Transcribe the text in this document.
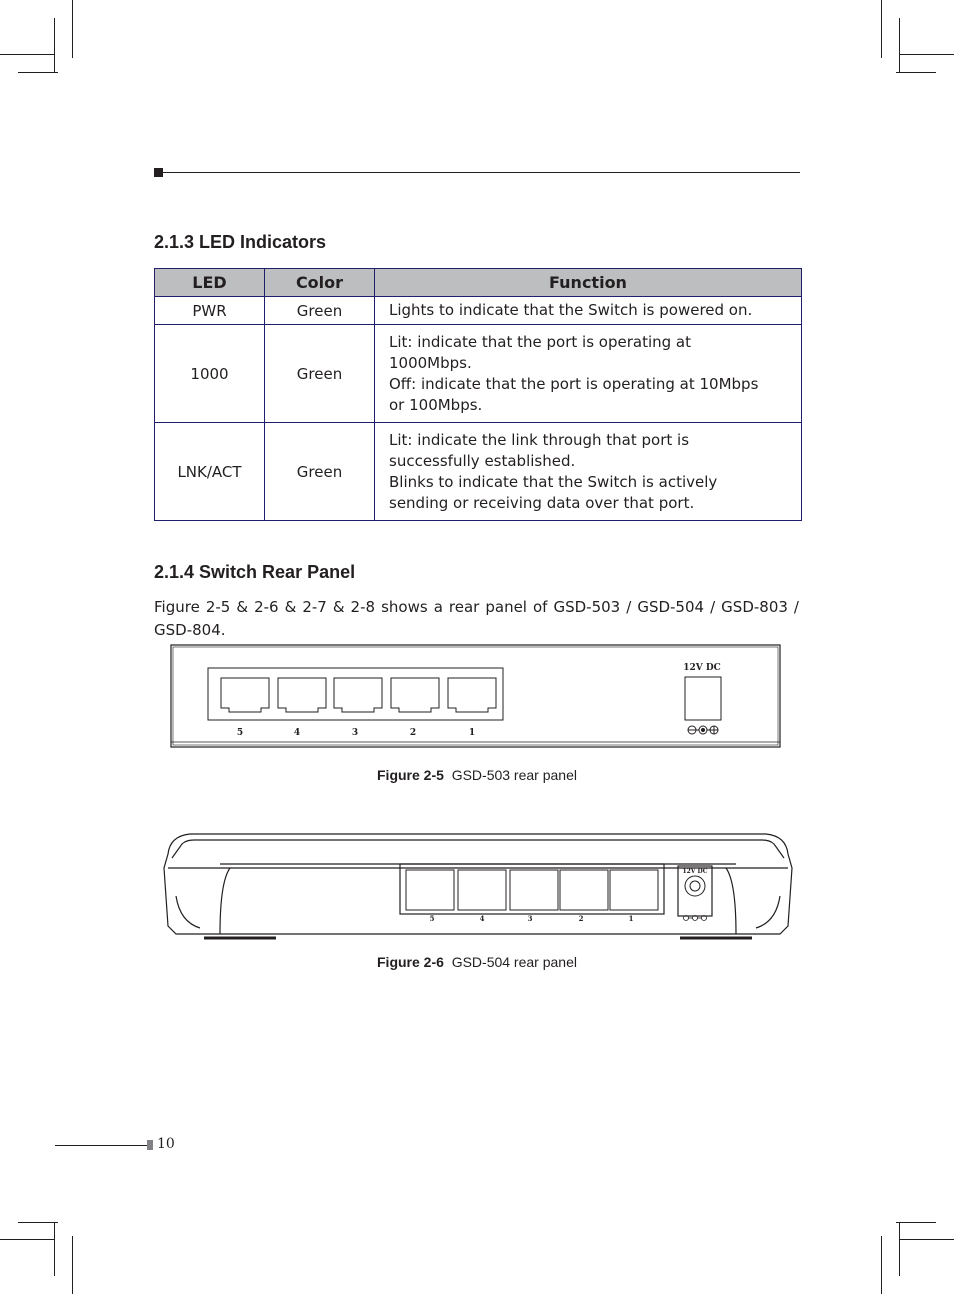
2.1.3 LED Indicators
LED	Color	Function
PWR	Green	Lights to indicate that the Switch is powered on.

1000	Green	Lit: indicate that the port is operating at
1000Mbps.
Off: indicate that the port is operating at 10Mbps
or 100Mbps.

LNK/ACT	Green	Lit: indicate the link through that port is
successfully established.
Blinks to indicate that the Switch is actively
sending or receiving data over that port.
2.1.4 Switch Rear Panel

Figure 2-5 & 2-6 & 2-7 & 2-8 shows a rear panel of GSD-503 / GSD-504 / GSD-803 / GSD-804.

5	4	3	2	1
12V DC
Figure 2-5 GSD-503 rear panel
5	4	3	2	1
12V DC
Figure 2-6 GSD-504 rear panel
10
